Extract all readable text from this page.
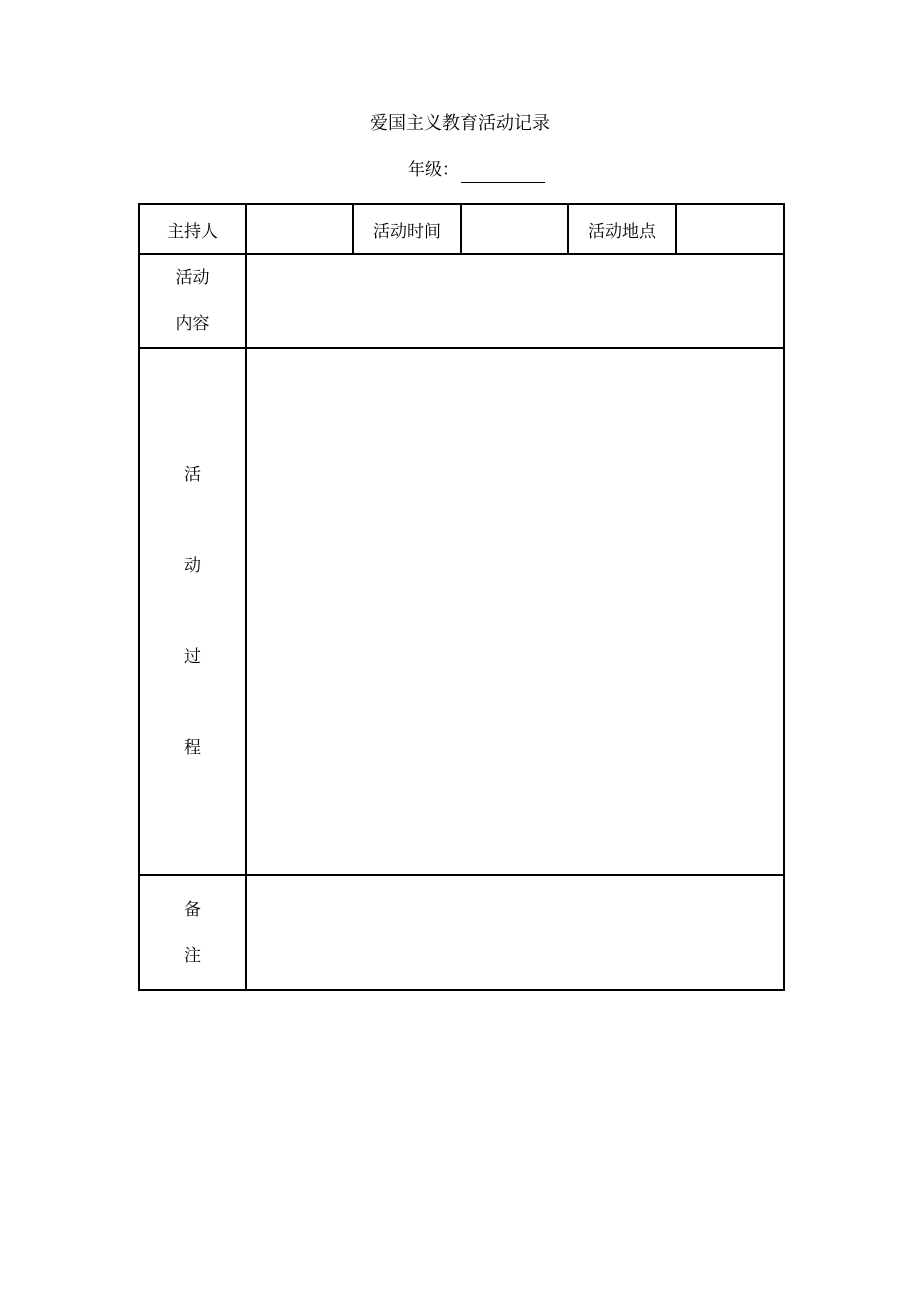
爱国主义教育活动记录
年级：
主持人		活动时间		活动地点	
活动
内容					
活
动
过
程					
备
注					
